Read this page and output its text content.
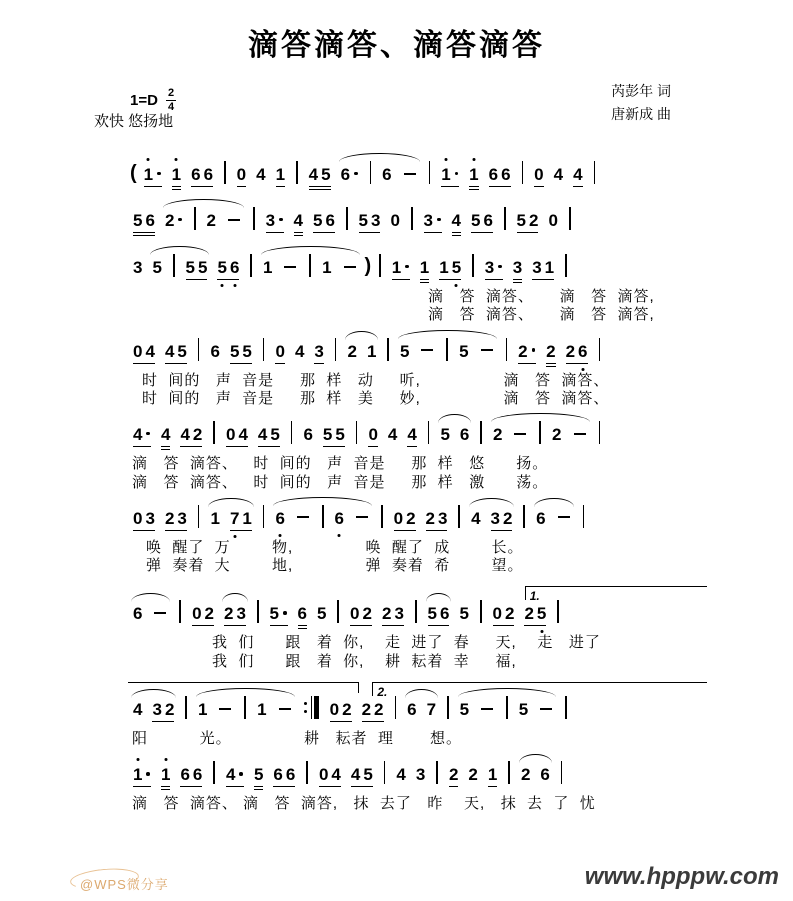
滴答滴答、滴答滴答
1=D 2
4
欢快 悠扬地
芮彭年 词
唐新成 曲
( 1 1 6 6 0 4 1 4 5 6 6	1 1 6 6 0 4 4
5 6 2 2	3 4 5 6 5 3 0 3 4 5 6 5 2 0
3 5 5 5 5 6 1	1 ) 1 1 1 5 3 3 3 1
滴   答  滴答、     滴   答  滴答,
滴   答  滴答、     滴   答  滴答,
0 4 4 5 6 5 5 0 4 3 2 1 5	5	2 2 2 6
时  间的   声  音是     那  样   动     听,                滴   答  滴答、
时  间的   声  音是     那  样   美     妙,                滴   答  滴答、
4 4 4 2 0 4 4 5 6 5 5 0 4 4 5 6 2	2
滴   答  滴答、   时  间的   声  音是     那  样   悠      扬。
滴   答  滴答、   时  间的   声  音是     那  样   激      荡。
0 3 2 3 1 7 1 6	6	0 2 2 3 4 3 2 6
唤  醒了  万        物,              唤  醒了  成        长。
弹  奏着  大        地,              弹  奏着  希        望。
1.
6	0 2 2 3 5 6 5 0 2 2 3 5 6 5 0 2 2 5
我  们      跟   着  你,    走  进了  春     天,    走   进了
我  们      跟   着  你,    耕  耘着  幸     福,
2.
4 3 2 1	1	0 2 2 2 6 7 5	5
阳          光。              耕   耘者  理       想。
1 1 6 6 4 5 6 6 0 4 4 5 4 3 2 2 1 2 6
滴   答  滴答、 滴   答  滴答,   抹  去了   昨    天,   抹  去  了  忧
@WPS微分享	www.hpppw.com
